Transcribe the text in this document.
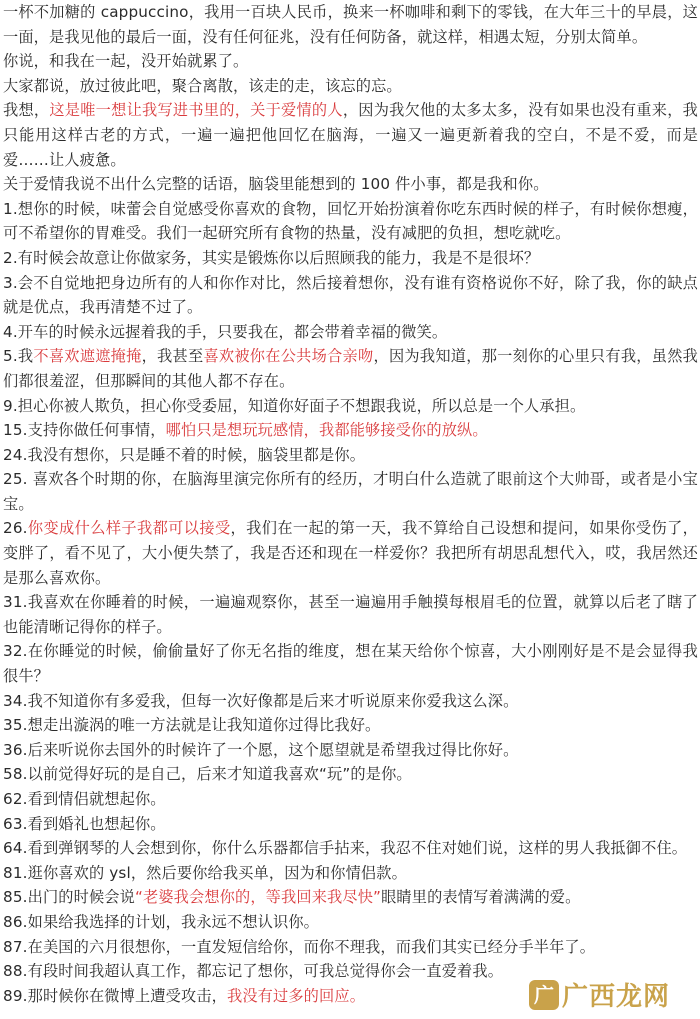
一杯不加糖的 cappuccino，我用一百块人民币，换来一杯咖啡和剩下的零钱，在大年三十的早晨，这一面，是我见他的最后一面，没有任何征兆，没有任何防备，就这样，相遇太短，分别太简单。

你说，和我在一起，没开始就累了。

大家都说，放过彼此吧，聚合离散，该走的走，该忘的忘。

我想，这是唯一想让我写进书里的，关于爱情的人，因为我欠他的太多太多，没有如果也没有重来，我只能用这样古老的方式，一遍一遍把他回忆在脑海，一遍又一遍更新着我的空白，不是不爱，而是爱……让人疲惫。

关于爱情我说不出什么完整的话语，脑袋里能想到的 100 件小事，都是我和你。

1.想你的时候，味蕾会自觉感受你喜欢的食物，回忆开始扮演着你吃东西时候的样子，有时候你想瘦，可不希望你的胃难受。我们一起研究所有食物的热量，没有减肥的负担，想吃就吃。

2.有时候会故意让你做家务，其实是锻炼你以后照顾我的能力，我是不是很坏？

3.会不自觉地把身边所有的人和你作对比，然后接着想你，没有谁有资格说你不好，除了我，你的缺点就是优点，我再清楚不过了。

4.开车的时候永远握着我的手，只要我在，都会带着幸福的微笑。

5.我不喜欢遮遮掩掩，我甚至喜欢被你在公共场合亲吻，因为我知道，那一刻你的心里只有我，虽然我们都很羞涩，但那瞬间的其他人都不存在。

9.担心你被人欺负，担心你受委屈，知道你好面子不想跟我说，所以总是一个人承担。

15.支持你做任何事情，哪怕只是想玩玩感情，我都能够接受你的放纵。

24.我没有想你，只是睡不着的时候，脑袋里都是你。

25. 喜欢各个时期的你，在脑海里演完你所有的经历，才明白什么造就了眼前这个大帅哥，或者是小宝宝。

26.你变成什么样子我都可以接受，我们在一起的第一天，我不算给自己设想和提问，如果你受伤了，变胖了，看不见了，大小便失禁了，我是否还和现在一样爱你？我把所有胡思乱想代入，哎，我居然还是那么喜欢你。

31.我喜欢在你睡着的时候，一遍遍观察你，甚至一遍遍用手触摸每根眉毛的位置，就算以后老了瞎了也能清晰记得你的样子。

32.在你睡觉的时候，偷偷量好了你无名指的维度，想在某天给你个惊喜，大小刚刚好是不是会显得我很牛？

34.我不知道你有多爱我，但每一次好像都是后来才听说原来你爱我这么深。

35.想走出漩涡的唯一方法就是让我知道你过得比我好。

36.后来听说你去国外的时候许了一个愿，这个愿望就是希望我过得比你好。

58.以前觉得好玩的是自己，后来才知道我喜欢“玩”的是你。

62.看到情侣就想起你。

63.看到婚礼也想起你。

64.看到弹钢琴的人会想到你，你什么乐器都信手拈来，我忍不住对她们说，这样的男人我抵御不住。

81.逛你喜欢的 ysl，然后要你给我买单，因为和你情侣款。

85.出门的时候会说“老婆我会想你的，等我回来我尽快”眼睛里的表情写着满满的爱。

86.如果给我选择的计划，我永远不想认识你。

87.在美国的六月很想你，一直发短信给你，而你不理我，而我们其实已经分手半年了。

88.有段时间我超认真工作，都忘记了想你，可我总觉得你会一直爱着我。

89.那时候你在微博上遭受攻击，我没有过多的回应。	广 广西龙网
